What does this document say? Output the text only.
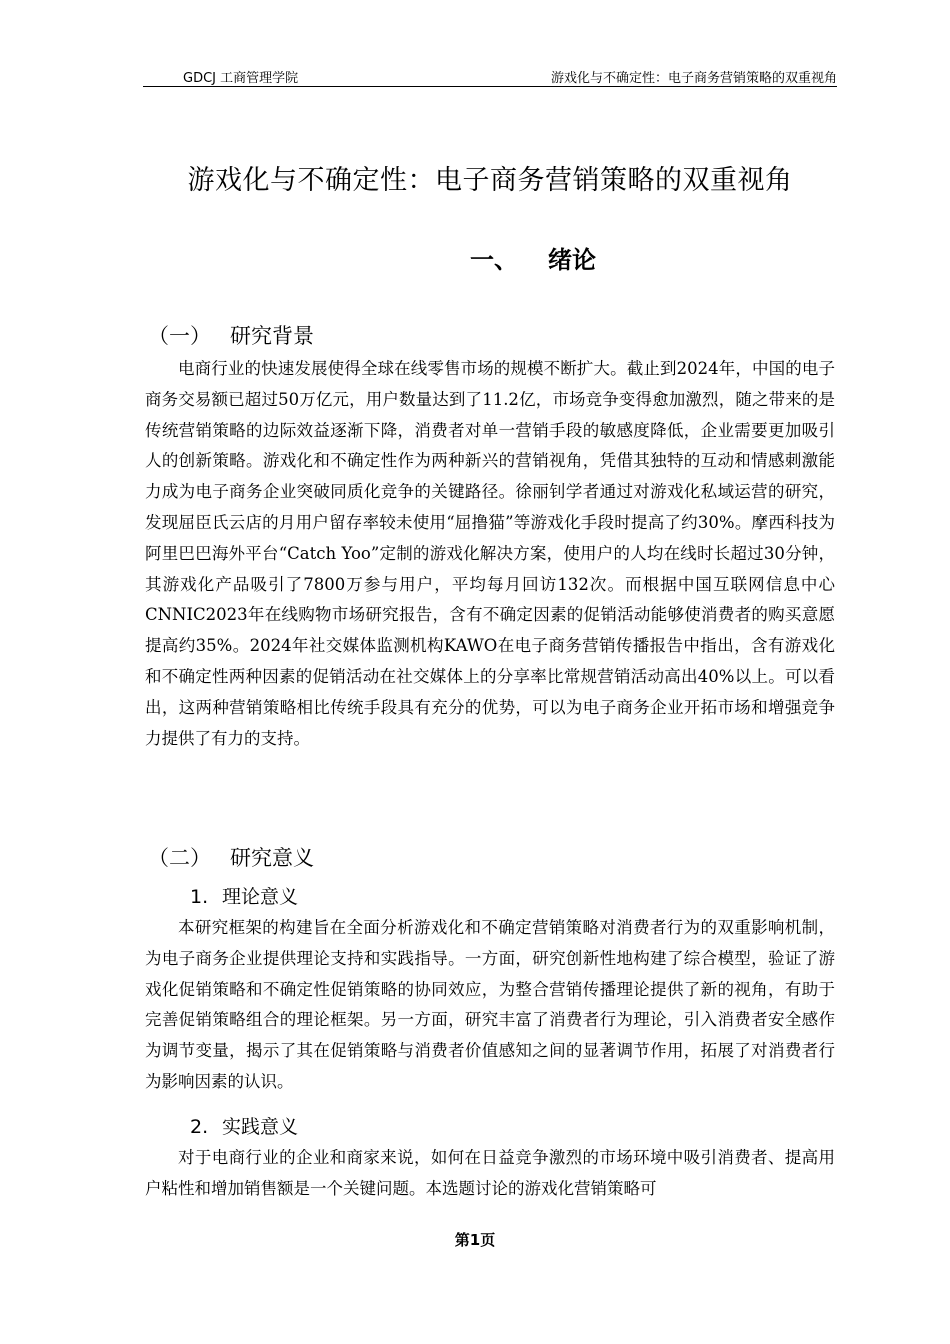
GDCJ 工商管理学院	游戏化与不确定性：电子商务营销策略的双重视角
游戏化与不确定性：电子商务营销策略的双重视角
一、 绪论
（一） 研究背景

电商行业的快速发展使得全球在线零售市场的规模不断扩大。截止到2024年，中国的电子商务交易额已超过50万亿元，用户数量达到了11.2亿，市场竞争变得愈加激烈，随之带来的是传统营销策略的边际效益逐渐下降，消费者对单一营销手段的敏感度降低，企业需要更加吸引人的创新策略。游戏化和不确定性作为两种新兴的营销视角，凭借其独特的互动和情感刺激能力成为电子商务企业突破同质化竞争的关键路径。徐丽钊学者通过对游戏化私域运营的研究，发现屈臣氏云店的月用户留存率较未使用“屈撸猫”等游戏化手段时提高了约30%。摩西科技为阿里巴巴海外平台“Catch Yoo”定制的游戏化解决方案，使用户的人均在线时长超过30分钟，其游戏化产品吸引了7800万参与用户，平均每月回访132次。而根据中国互联网信息中心CNNIC2023年在线购物市场研究报告，含有不确定因素的促销活动能够使消费者的购买意愿提高约35%。2024年社交媒体监测机构KAWO在电子商务营销传播报告中指出，含有游戏化和不确定性两种因素的促销活动在社交媒体上的分享率比常规营销活动高出40%以上。可以看出，这两种营销策略相比传统手段具有充分的优势，可以为电子商务企业开拓市场和增强竞争力提供了有力的支持。

（二） 研究意义
1. 理论意义

本研究框架的构建旨在全面分析游戏化和不确定营销策略对消费者行为的双重影响机制，为电子商务企业提供理论支持和实践指导。一方面，研究创新性地构建了综合模型，验证了游戏化促销策略和不确定性促销策略的协同效应，为整合营销传播理论提供了新的视角，有助于完善促销策略组合的理论框架。另一方面，研究丰富了消费者行为理论，引入消费者安全感作为调节变量，揭示了其在促销策略与消费者价值感知之间的显著调节作用，拓展了对消费者行为影响因素的认识。

2. 实践意义

对于电商行业的企业和商家来说，如何在日益竞争激烈的市场环境中吸引消费者、提高用户粘性和增加销售额是一个关键问题。本选题讨论的游戏化营销策略可

第1页
